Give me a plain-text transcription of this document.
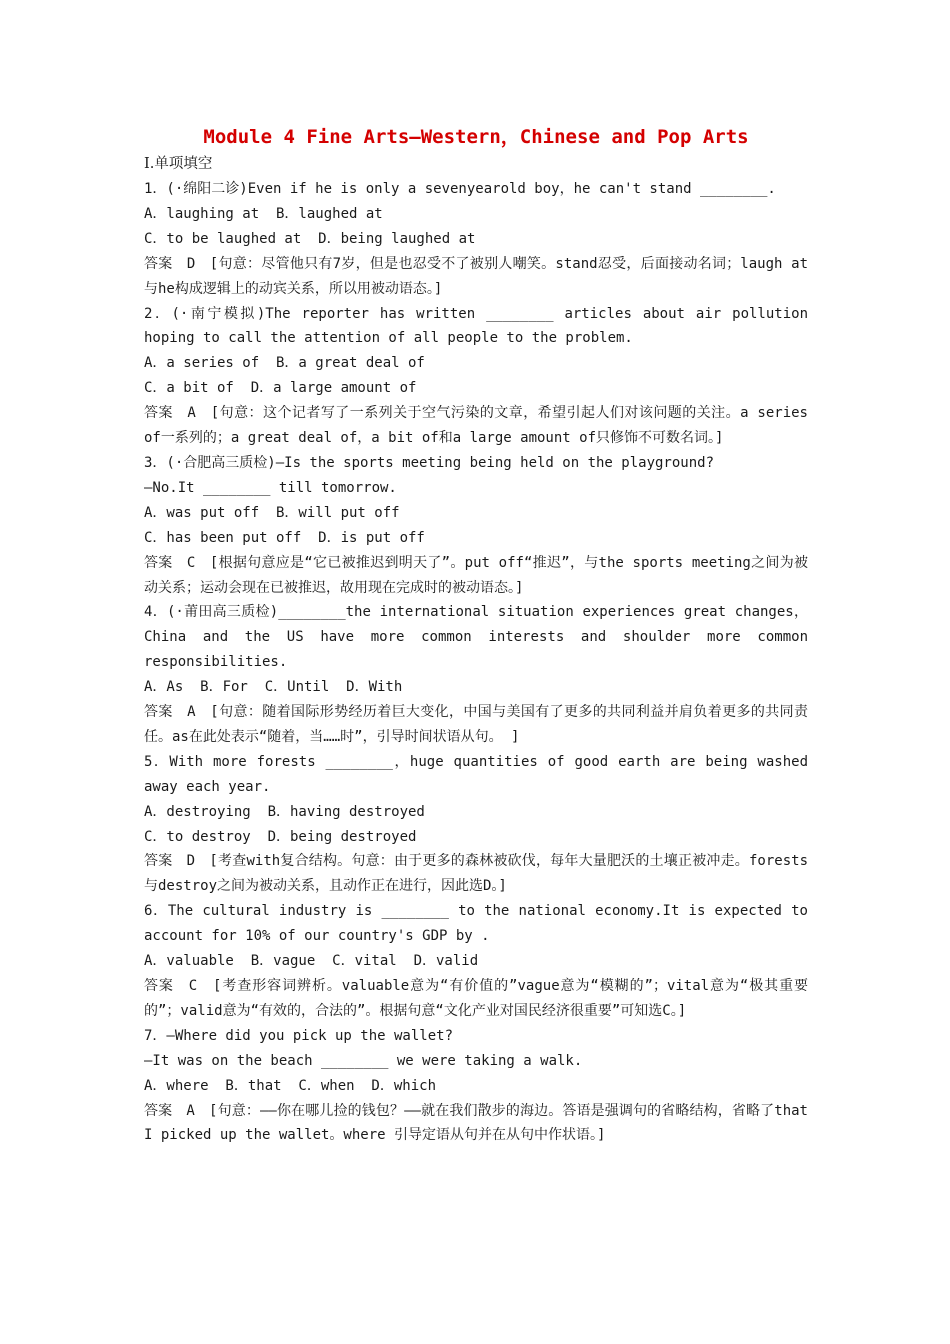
Module 4 Fine Arts—Western，Chinese and Pop Arts
Ⅰ.单项填空
1．(·绵阳二诊)Even if he is only a sevenyearold boy，he can't stand ________.
A．laughing at  B．laughed at
C．to be laughed at  D．being laughed at
答案　D　[句意：尽管他只有7岁，但是也忍受不了被别人嘲笑。stand忍受，后面接动名词；laugh at与he构成逻辑上的动宾关系，所以用被动语态。]
2．(·南宁模拟)The reporter has written ________ articles about air pollution hoping to call the attention of all people to the problem.
A．a series of  B．a great deal of
C．a bit of  D．a large amount of
答案　A　[句意：这个记者写了一系列关于空气污染的文章，希望引起人们对该问题的关注。a series of一系列的；a great deal of，a bit of和a large amount of只修饰不可数名词。]
3．(·合肥高三质检)—Is the sports meeting being held on the playground?
—No.It ________ till tomorrow.
A．was put off  B．will put off
C．has been put off  D．is put off
答案　C　[根据句意应是“它已被推迟到明天了”。put off“推迟”，与the sports meeting之间为被动关系；运动会现在已被推迟，故用现在完成时的被动语态。]
4．(·莆田高三质检)________the international situation experiences great changes，China and the US have more common interests and shoulder more common responsibilities.
A．As  B．For  C．Until  D．With
答案　A　[句意：随着国际形势经历着巨大变化，中国与美国有了更多的共同利益并肩负着更多的共同责任。as在此处表示“随着，当……时”，引导时间状语从句。 ]
5．With more forests ________，huge quantities of good earth are being washed away each year.
A．destroying  B．having destroyed
C．to destroy  D．being destroyed
答案　D　[考查with复合结构。句意：由于更多的森林被砍伐，每年大量肥沃的土壤正被冲走。forests与destroy之间为被动关系，且动作正在进行，因此选D。]
6．The cultural industry is ________ to the national economy.It is expected to account for 10% of our country's GDP by .
A．valuable  B．vague  C．vital  D．valid
答案　C　[考查形容词辨析。valuable意为“有价值的”vague意为“模糊的”；vital意为“极其重要的”；valid意为“有效的，合法的”。根据句意“文化产业对国民经济很重要”可知选C。]
7．—Where did you pick up the wallet?
—It was on the beach ________ we were taking a walk.
A．where  B．that  C．when  D．which
答案　A　[句意：——你在哪儿捡的钱包？——就在我们散步的海边。答语是强调句的省略结构，省略了that I picked up the wallet。where 引导定语从句并在从句中作状语。]
